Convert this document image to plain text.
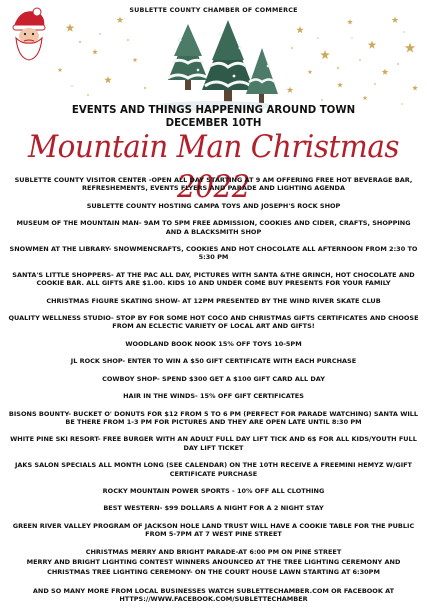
SUBLETTE COUNTY CHAMBER OF COMMERCE
EVENTS AND THINGS HAPPENING AROUND TOWN
DECEMBER 10TH
Mountain Man Christmas 2022
SUBLETTE COUNTY VISITOR CENTER -OPEN ALL DAY STARTING AT 9 AM OFFERING FREE HOT BEVERAGE BAR, REFRESHEMENTS, EVENTS FLYERS AND PARADE AND LIGHTING AGENDA
SUBLETTE COUNTY HOSTING CAMPA TOYS AND JOSEPH'S ROCK SHOP
MUSEUM OF THE MOUNTAIN MAN- 9AM TO 5PM FREE ADMISSION, COOKIES AND CIDER, CRAFTS, SHOPPING AND A BLACKSMITH SHOP
SNOWMEN AT THE LIBRARY- SNOWMENCRAFTS, COOKIES AND HOT CHOCOLATE ALL AFTERNOON FROM 2:30 TO 5:30 PM
SANTA'S LITTLE SHOPPERS- AT THE PAC ALL DAY, PICTURES WITH SANTA &THE GRINCH, HOT CHOCOLATE AND COOKIE BAR. ALL GIFTS ARE $1.00. KIDS 10 AND UNDER COME BUY PRESENTS FOR YOUR FAMILY
CHRISTMAS FIGURE SKATING SHOW- AT 12PM PRESENTED BY THE WIND RIVER SKATE CLUB
QUALITY WELLNESS STUDIO- STOP BY FOR SOME HOT COCO AND CHRISTMAS GIFTS CERTIFICATES AND CHOOSE FROM AN ECLECTIC VARIETY OF LOCAL ART AND GIFTS!
WOODLAND BOOK NOOK 15% OFF TOYS 10-5PM
JL ROCK SHOP- ENTER TO WIN A $50 GIFT CERTIFICATE WITH EACH PURCHASE
COWBOY SHOP- SPEND $300 GET A $100 GIFT CARD ALL DAY
HAIR IN THE WINDS- 15% OFF GIFT CERTIFICATES
BISONS BOUNTY- BUCKET O' DONUTS FOR $12 FROM 5 TO 6 PM (PERFECT FOR PARADE WATCHING) SANTA WILL BE THERE FROM 1-3 PM FOR PICTURES AND THEY ARE OPEN LATE UNTIL 8:30 PM
WHITE PINE SKI RESORT- FREE BURGER WITH AN ADULT FULL DAY LIFT TICK AND 6$ FOR ALL KIDS/YOUTH FULL DAY LIFT TICKET
JAKS SALON SPECIALS ALL MONTH LONG (SEE CALENDAR) ON THE 10TH RECEIVE A FREEMINI HEMYZ W/GIFT CERTIFICATE PURCHASE
ROCKY MOUNTAIN POWER SPORTS - 10% OFF ALL CLOTHING
BEST WESTERN- $99 DOLLARS A NIGHT FOR A 2 NIGHT STAY
GREEN RIVER VALLEY PROGRAM OF JACKSON HOLE LAND TRUST WILL HAVE A COOKIE TABLE FOR THE PUBLIC FROM 5-7PM AT 7 WEST PINE STREET
CHRISTMAS MERRY AND BRIGHT PARADE-AT 6:00 PM ON PINE STREET
MERRY AND BRIGHT LIGHTING CONTEST WINNERS ANOUNCED AT THE TREE LIGHTING CEREMONY AND
CHRISTMAS TREE LIGHTING CEREMONY- ON THE COURT HOUSE LAWN STARTING AT 6:30PM
AND SO MANY MORE FROM LOCAL BUSINESSES WATCH SUBLETTECHAMBER.COM OR FACEBOOK AT HTTPS://WWW.FACEBOOK.COM/SUBLETTECHAMBER
